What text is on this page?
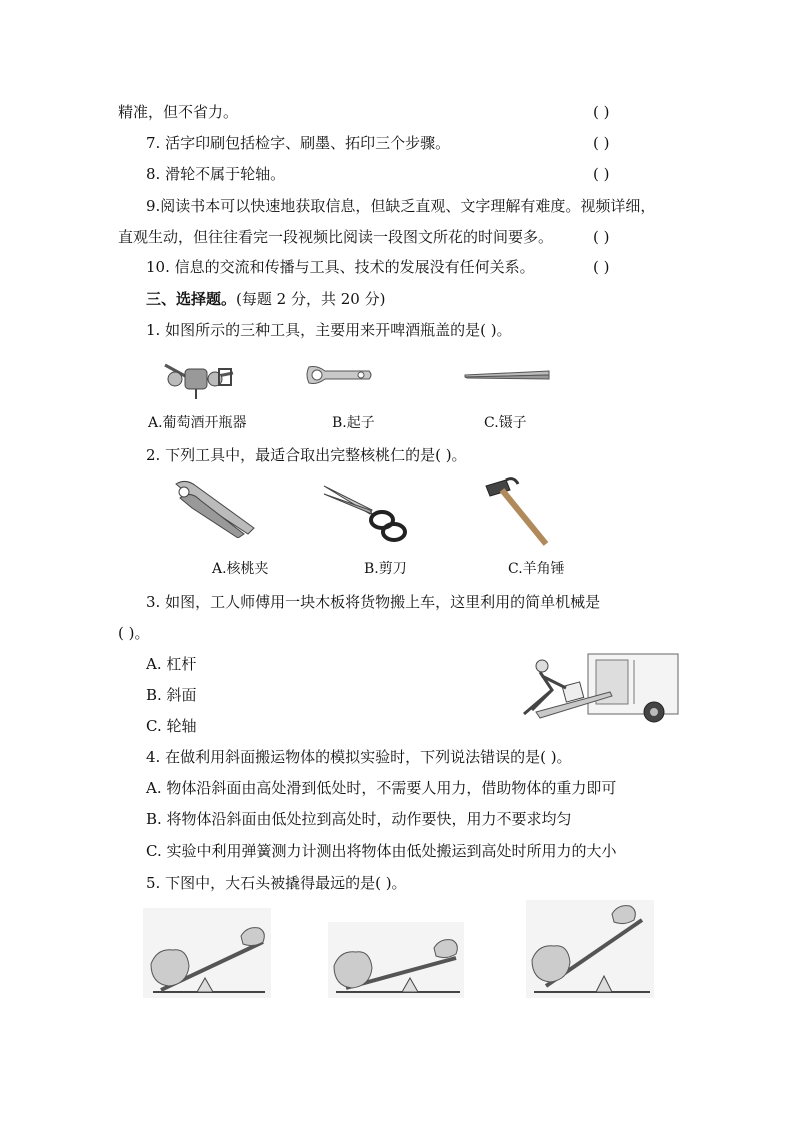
精准，但不省力。	( )
7. 活字印刷包括检字、刷墨、拓印三个步骤。	( )
8. 滑轮不属于轮轴。	( )
9.阅读书本可以快速地获取信息，但缺乏直观、文字理解有难度。视频详细，
直观生动，但往往看完一段视频比阅读一段图文所花的时间要多。	( )
10. 信息的交流和传播与工具、技术的发展没有任何关系。	( )
三、选择题。(每题 2 分，共 20 分)
1. 如图所示的三种工具，主要用来开啤酒瓶盖的是( )。
A.葡萄酒开瓶器	B.起子	C.镊子
2. 下列工具中，最适合取出完整核桃仁的是( )。
A.核桃夹	B.剪刀	C.羊角锤
3. 如图，工人师傅用一块木板将货物搬上车，这里利用的简单机械是
( )。
A. 杠杆
B. 斜面
C. 轮轴
4. 在做利用斜面搬运物体的模拟实验时，下列说法错误的是( )。
A. 物体沿斜面由高处滑到低处时，不需要人用力，借助物体的重力即可
B. 将物体沿斜面由低处拉到高处时，动作要快，用力不要求均匀
C. 实验中利用弹簧测力计测出将物体由低处搬运到高处时所用力的大小
5. 下图中，大石头被撬得最远的是( )。
